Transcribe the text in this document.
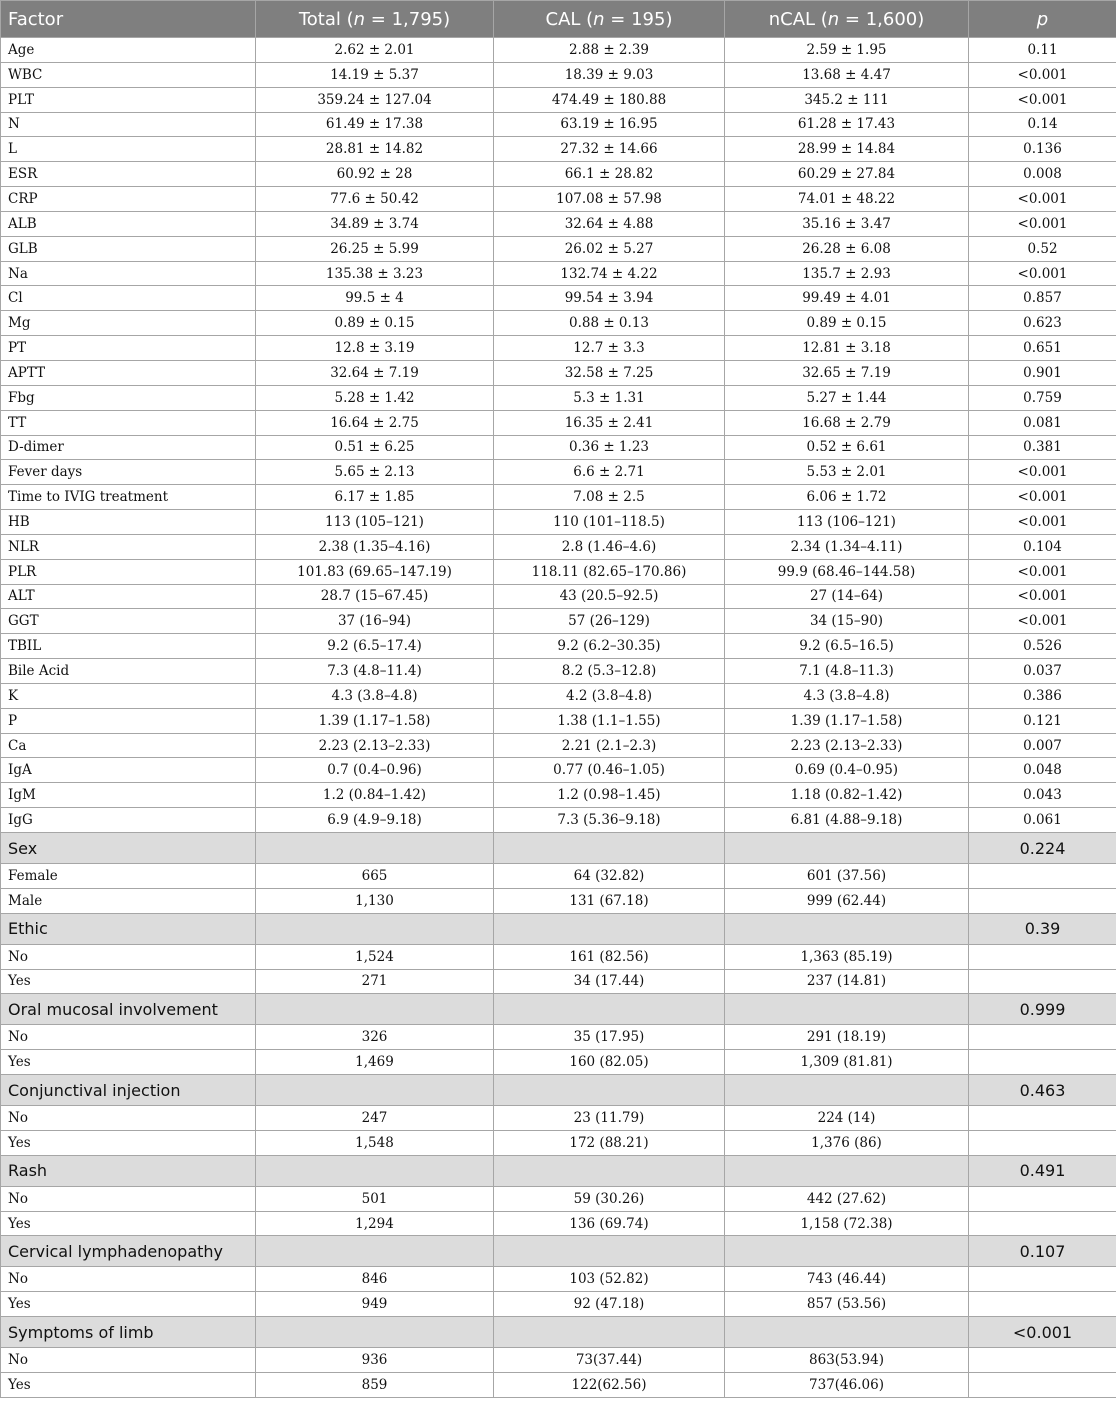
Factor	Total (n = 1,795)	CAL (n = 195)	nCAL (n = 1,600)	p
Age	2.62 ± 2.01	2.88 ± 2.39	2.59 ± 1.95	0.11
WBC	14.19 ± 5.37	18.39 ± 9.03	13.68 ± 4.47	<0.001
PLT	359.24 ± 127.04	474.49 ± 180.88	345.2 ± 111	<0.001
N	61.49 ± 17.38	63.19 ± 16.95	61.28 ± 17.43	0.14
L	28.81 ± 14.82	27.32 ± 14.66	28.99 ± 14.84	0.136
ESR	60.92 ± 28	66.1 ± 28.82	60.29 ± 27.84	0.008
CRP	77.6 ± 50.42	107.08 ± 57.98	74.01 ± 48.22	<0.001
ALB	34.89 ± 3.74	32.64 ± 4.88	35.16 ± 3.47	<0.001
GLB	26.25 ± 5.99	26.02 ± 5.27	26.28 ± 6.08	0.52
Na	135.38 ± 3.23	132.74 ± 4.22	135.7 ± 2.93	<0.001
Cl	99.5 ± 4	99.54 ± 3.94	99.49 ± 4.01	0.857
Mg	0.89 ± 0.15	0.88 ± 0.13	0.89 ± 0.15	0.623
PT	12.8 ± 3.19	12.7 ± 3.3	12.81 ± 3.18	0.651
APTT	32.64 ± 7.19	32.58 ± 7.25	32.65 ± 7.19	0.901
Fbg	5.28 ± 1.42	5.3 ± 1.31	5.27 ± 1.44	0.759
TT	16.64 ± 2.75	16.35 ± 2.41	16.68 ± 2.79	0.081
D-dimer	0.51 ± 6.25	0.36 ± 1.23	0.52 ± 6.61	0.381
Fever days	5.65 ± 2.13	6.6 ± 2.71	5.53 ± 2.01	<0.001
Time to IVIG treatment	6.17 ± 1.85	7.08 ± 2.5	6.06 ± 1.72	<0.001
HB	113 (105–121)	110 (101–118.5)	113 (106–121)	<0.001
NLR	2.38 (1.35–4.16)	2.8 (1.46–4.6)	2.34 (1.34–4.11)	0.104
PLR	101.83 (69.65–147.19)	118.11 (82.65–170.86)	99.9 (68.46–144.58)	<0.001
ALT	28.7 (15–67.45)	43 (20.5–92.5)	27 (14–64)	<0.001
GGT	37 (16–94)	57 (26–129)	34 (15–90)	<0.001
TBIL	9.2 (6.5–17.4)	9.2 (6.2–30.35)	9.2 (6.5–16.5)	0.526
Bile Acid	7.3 (4.8–11.4)	8.2 (5.3–12.8)	7.1 (4.8–11.3)	0.037
K	4.3 (3.8–4.8)	4.2 (3.8–4.8)	4.3 (3.8–4.8)	0.386
P	1.39 (1.17–1.58)	1.38 (1.1–1.55)	1.39 (1.17–1.58)	0.121
Ca	2.23 (2.13–2.33)	2.21 (2.1–2.3)	2.23 (2.13–2.33)	0.007
IgA	0.7 (0.4–0.96)	0.77 (0.46–1.05)	0.69 (0.4–0.95)	0.048
IgM	1.2 (0.84–1.42)	1.2 (0.98–1.45)	1.18 (0.82–1.42)	0.043
IgG	6.9 (4.9–9.18)	7.3 (5.36–9.18)	6.81 (4.88–9.18)	0.061
Sex				0.224
Female	665	64 (32.82)	601 (37.56)	
Male	1,130	131 (67.18)	999 (62.44)	
Ethic				0.39
No	1,524	161 (82.56)	1,363 (85.19)	
Yes	271	34 (17.44)	237 (14.81)	
Oral mucosal involvement				0.999
No	326	35 (17.95)	291 (18.19)	
Yes	1,469	160 (82.05)	1,309 (81.81)	
Conjunctival injection				0.463
No	247	23 (11.79)	224 (14)	
Yes	1,548	172 (88.21)	1,376 (86)	
Rash				0.491
No	501	59 (30.26)	442 (27.62)	
Yes	1,294	136 (69.74)	1,158 (72.38)	
Cervical lymphadenopathy				0.107
No	846	103 (52.82)	743 (46.44)	
Yes	949	92 (47.18)	857 (53.56)	
Symptoms of limb				<0.001
No	936	73(37.44)	863(53.94)	
Yes	859	122(62.56)	737(46.06)	
